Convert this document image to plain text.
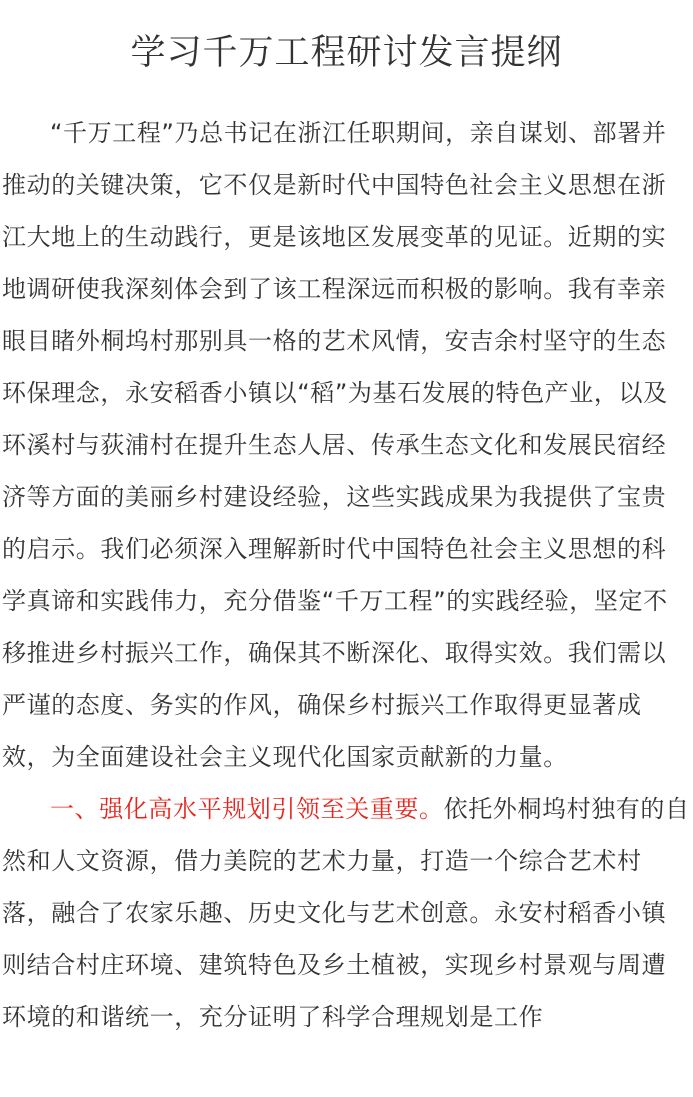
学习千万工程研讨发言提纲

“千万工程”乃总书记在浙江任职期间，亲自谋划、部署并推动的关键决策，它不仅是新时代中国特色社会主义思想在浙江大地上的生动践行，更是该地区发展变革的见证。近期的实地调研使我深刻体会到了该工程深远而积极的影响。我有幸亲眼目睹外桐坞村那别具一格的艺术风情，安吉余村坚守的生态环保理念，永安稻香小镇以“稻”为基石发展的特色产业，以及环溪村与荻浦村在提升生态人居、传承生态文化和发展民宿经济等方面的美丽乡村建设经验，这些实践成果为我提供了宝贵的启示。我们必须深入理解新时代中国特色社会主义思想的科学真谛和实践伟力，充分借鉴“千万工程”的实践经验，坚定不移推进乡村振兴工作，确保其不断深化、取得实效。我们需以严谨的态度、务实的作风，确保乡村振兴工作取得更显著成效，为全面建设社会主义现代化国家贡献新的力量。

一、强化高水平规划引领至关重要。依托外桐坞村独有的自然和人文资源，借力美院的艺术力量，打造一个综合艺术村落，融合了农家乐趣、历史文化与艺术创意。永安村稻香小镇则结合村庄环境、建筑特色及乡土植被，实现乡村景观与周遭环境的和谐统一，充分证明了科学合理规划是工作
